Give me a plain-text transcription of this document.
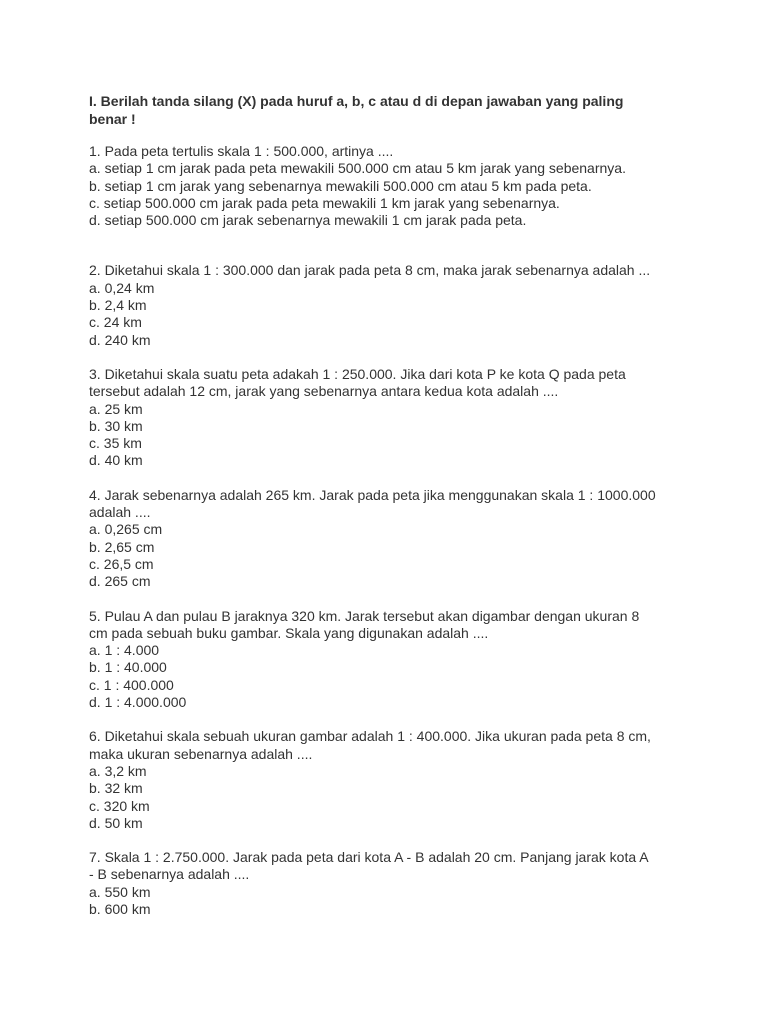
I. Berilah tanda silang (X) pada huruf a, b, c atau d di depan jawaban yang paling
benar !
1. Pada peta tertulis skala 1 : 500.000, artinya ....
a. setiap 1 cm jarak pada peta mewakili 500.000 cm atau 5 km jarak yang sebenarnya.
b. setiap 1 cm jarak yang sebenarnya mewakili 500.000 cm atau 5 km pada peta.
c. setiap 500.000 cm jarak pada peta mewakili 1 km jarak yang sebenarnya.
d. setiap 500.000 cm jarak sebenarnya mewakili 1 cm jarak pada peta.
2. Diketahui skala 1 : 300.000 dan jarak pada peta 8 cm, maka jarak sebenarnya adalah ...
a. 0,24 km
b. 2,4 km
c. 24 km
d. 240 km
3. Diketahui skala suatu peta adakah 1 : 250.000. Jika dari kota P ke kota Q pada peta
tersebut adalah 12 cm, jarak yang sebenarnya antara kedua kota adalah ....
a. 25 km
b. 30 km
c. 35 km
d. 40 km
4. Jarak sebenarnya adalah 265 km. Jarak pada peta jika menggunakan skala 1 : 1000.000
adalah ....
a. 0,265 cm
b. 2,65 cm
c. 26,5 cm
d. 265 cm
5. Pulau A dan pulau B jaraknya 320 km. Jarak tersebut akan digambar dengan ukuran 8
cm pada sebuah buku gambar. Skala yang digunakan adalah ....
a. 1 : 4.000
b. 1 : 40.000
c. 1 : 400.000
d. 1 : 4.000.000
6. Diketahui skala sebuah ukuran gambar adalah 1 : 400.000. Jika ukuran pada peta 8 cm,
maka ukuran sebenarnya adalah ....
a. 3,2 km
b. 32 km
c. 320 km
d. 50 km
7. Skala 1 : 2.750.000. Jarak pada peta dari kota A - B adalah 20 cm. Panjang jarak kota A
- B sebenarnya adalah ....
a. 550 km
b. 600 km
